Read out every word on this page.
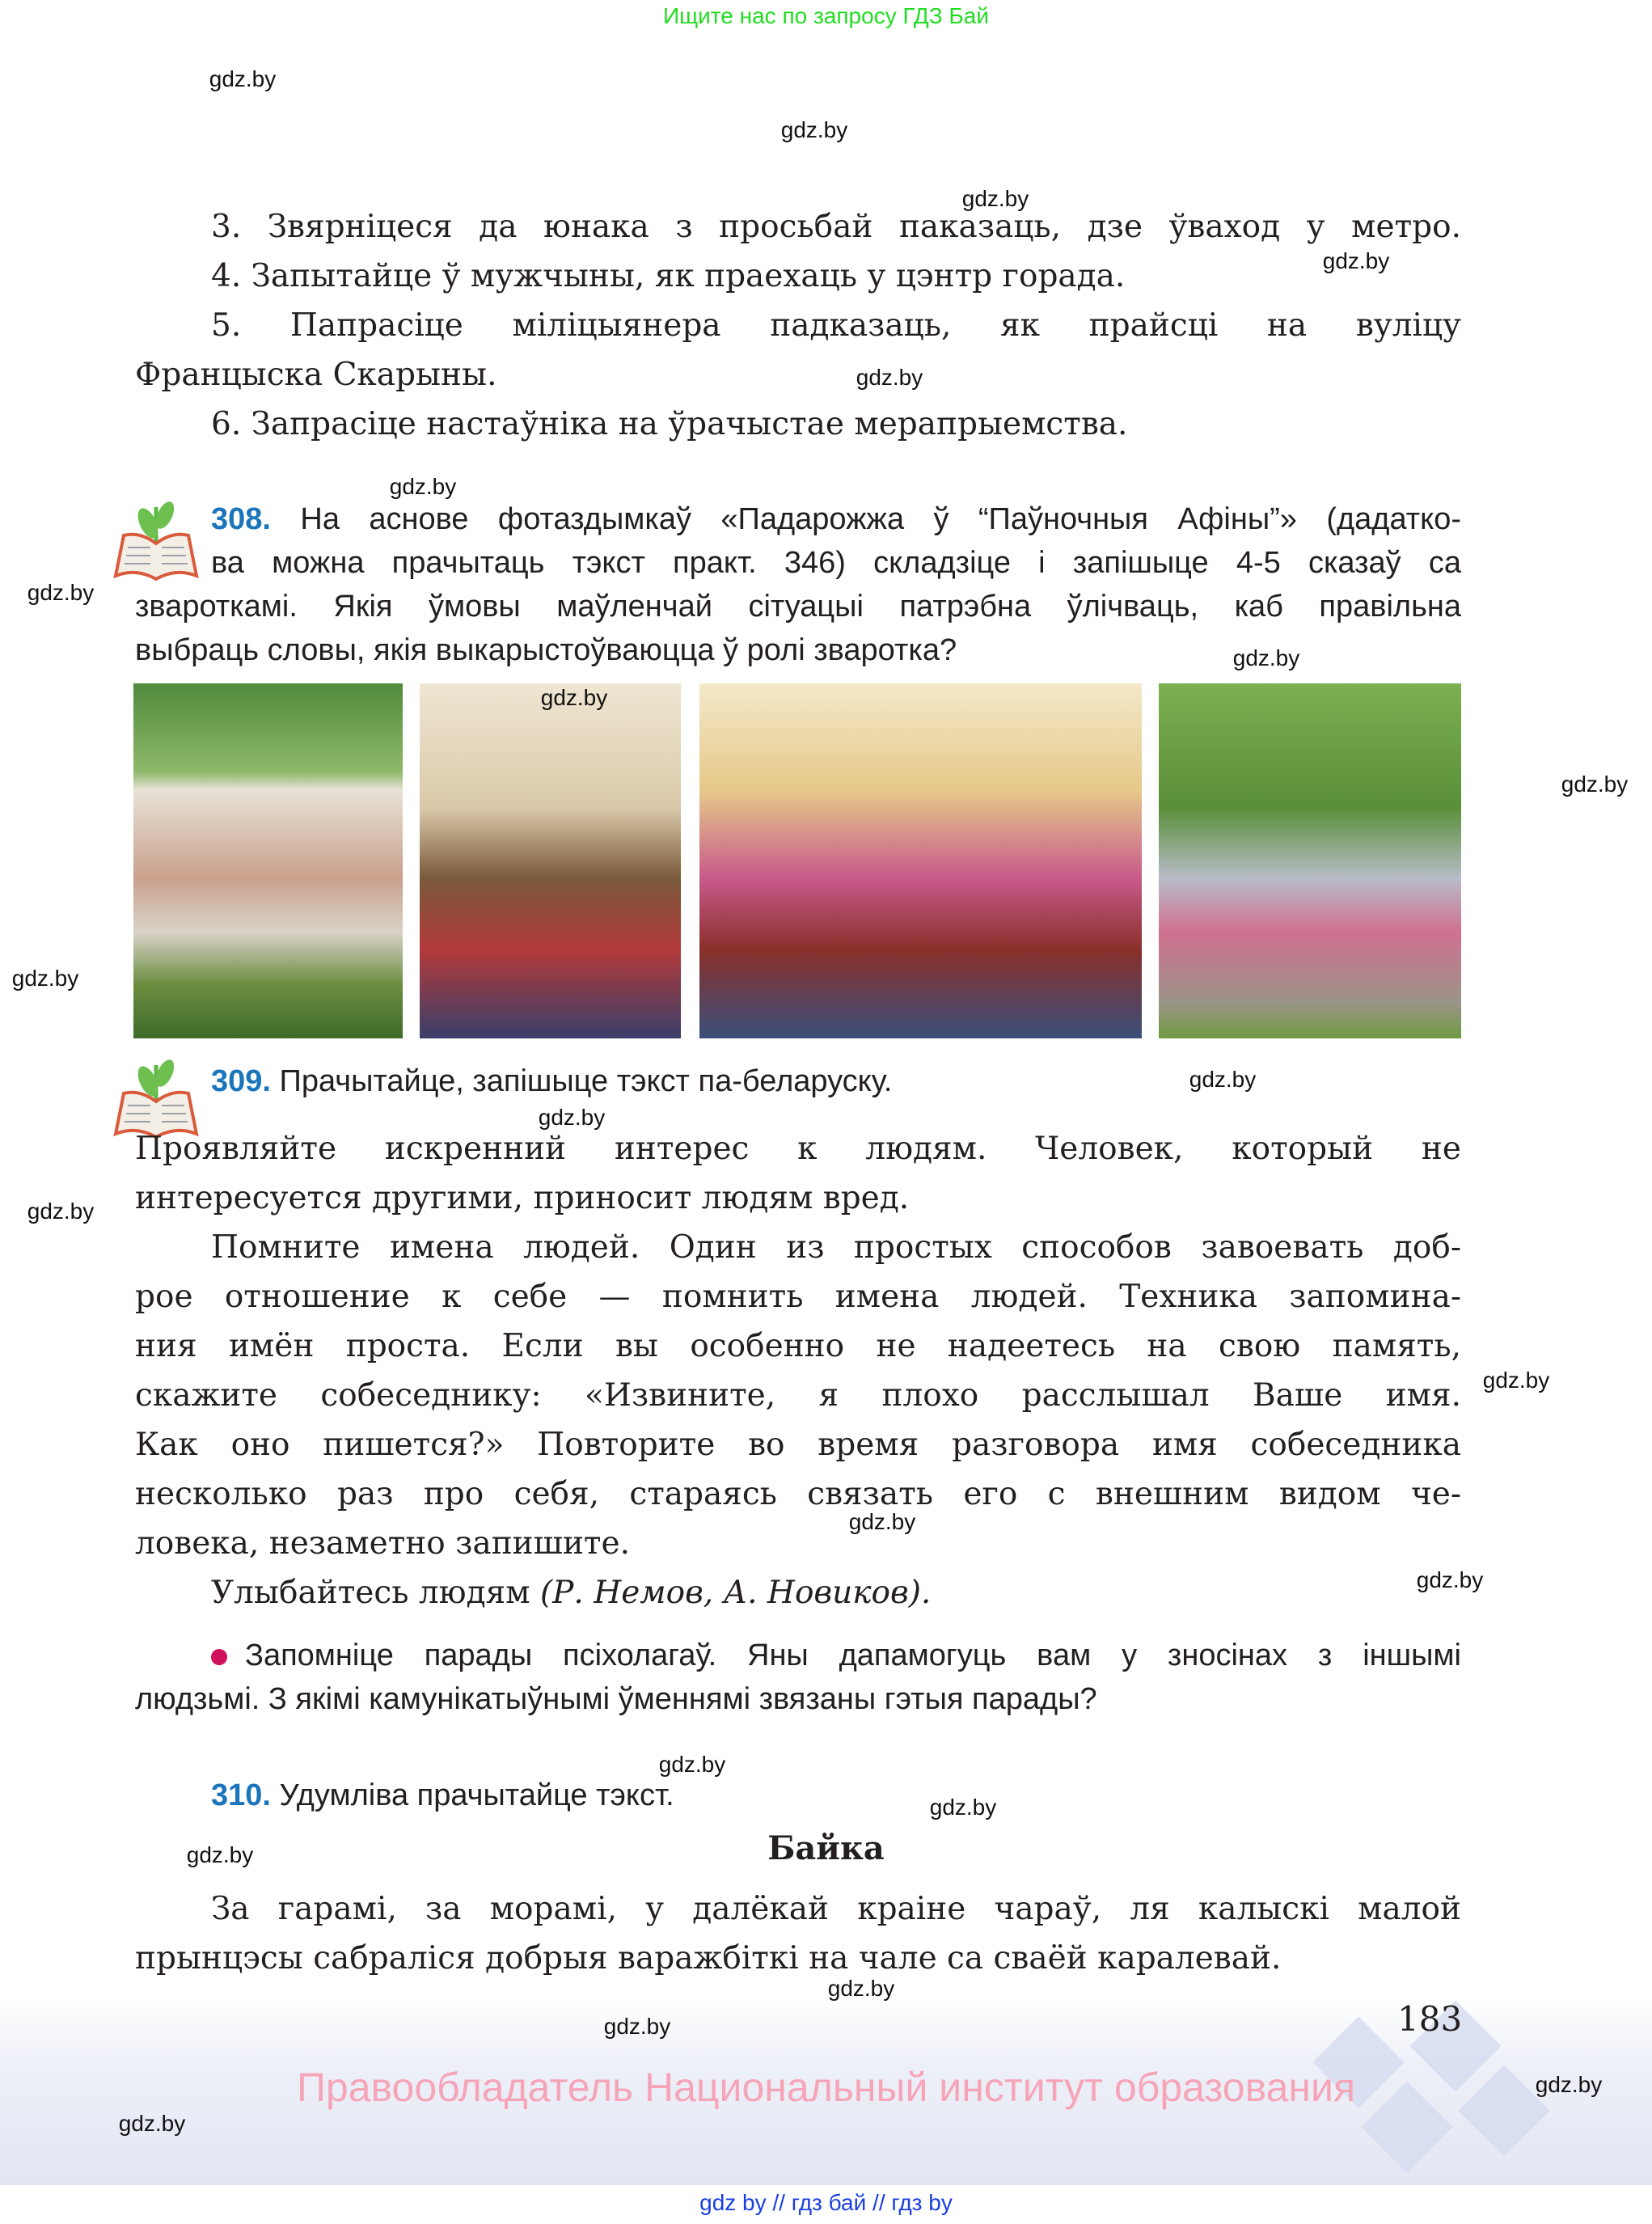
Ищите нас по запросу ГДЗ Бай
3. Звярніцеся да юнака з просьбай паказаць, дзе ўваход у метро.
4. Запытайце ў мужчыны, як праехаць у цэнтр горада.
5. Папрасіце міліцыянера падказаць, як прайсці на вуліцу
Францыска Скарыны.
6. Запрасіце настаўніка на ўрачыстае мерапрыемства.
308. На аснове фотаздымкаў «Падарожжа ў “Паўночныя Афіны”» (дадатко-
ва можна прачытаць тэкст практ. 346) складзіце і запішыце 4-5 сказаў са
звароткамі. Якія ўмовы маўленчай сітуацыі патрэбна ўлічваць, каб правільна
выбраць словы, якія выкарыстоўваюцца ў ролі зваротка?
309. Прачытайце, запішыце тэкст па-беларуску.
Проявляйте искренний интерес к людям. Человек, который не
интересуется другими, приносит людям вред.
Помните имена людей. Один из простых способов завоевать доб-
рое отношение к себе — помнить имена людей. Техника запомина-
ния имён проста. Если вы особенно не надеетесь на свою память,
скажите собеседнику: «Извините, я плохо расслышал Ваше имя.
Как оно пишется?» Повторите во время разговора имя собеседника
несколько раз про себя, стараясь связать его с внешним видом че-
ловека, незаметно запишите.
Улыбайтесь людям (Р. Немов, А. Новиков).
Запомніце парады псіхолагаў. Яны дапамогуць вам у зносінах з іншымі
людзьмі. З якімі камунікатыўнымі ўменнямі звязаны гэтыя парады?
310. Удумліва прачытайце тэкст.
Байка
За гарамі, за морамі, у далёкай краіне чараў, ля калыскі малой
прынцэсы сабраліся добрыя варажбіткі на чале са сваёй каралевай.
183
Правообладатель Национальный институт образования
gdz by // гдз бай // гдз by
gdz.by
gdz.by
gdz.by
gdz.by
gdz.by
gdz.by
gdz.by
gdz.by
gdz.by
gdz.by
gdz.by
gdz.by
gdz.by
gdz.by
gdz.by
gdz.by
gdz.by
gdz.by
gdz.by
gdz.by
gdz.by
gdz.by
gdz.by
gdz.by
